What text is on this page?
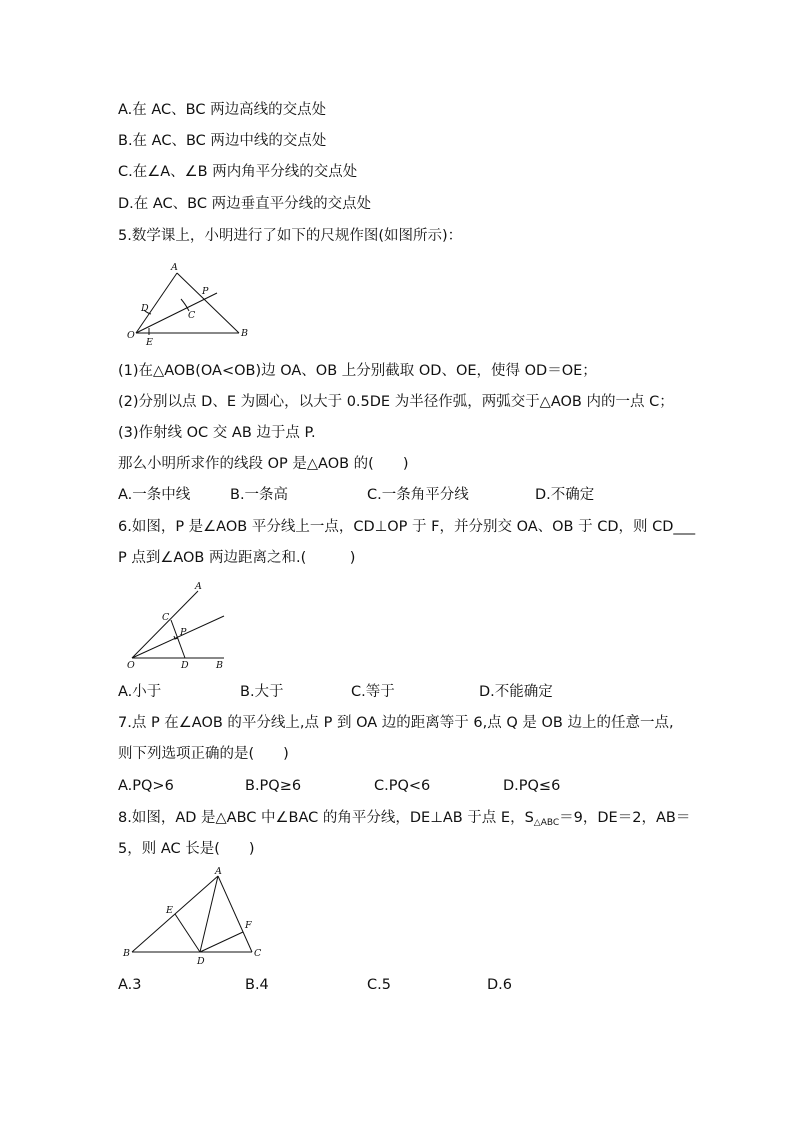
A.在 AC、BC 两边高线的交点处
B.在 AC、BC 两边中线的交点处
C.在∠A、∠B 两内角平分线的交点处
D.在 AC、BC 两边垂直平分线的交点处
5.数学课上，小明进行了如下的尺规作图(如图所示)：
A
P
D
C
O
E
B
(1)在△AOB(OA<OB)边 OA、OB 上分别截取 OD、OE，使得 OD＝OE；
(2)分别以点 D、E 为圆心，以大于 0.5DE 为半径作弧，两弧交于△AOB 内的一点 C；
(3)作射线 OC 交 AB 边于点 P.
那么小明所求作的线段 OP 是△AOB 的(　　)
A.一条中线	B.一条高	C.一条角平分线	D.不确定
6.如图，P 是∠AOB 平分线上一点，CD⊥OP 于 F，并分别交 OA、OB 于 CD，则 CD___
P 点到∠AOB 两边距离之和.(　　　)
A
C
P
O	D	B
A.小于	B.大于	C.等于	D.不能确定
7.点 P 在∠AOB 的平分线上,点 P 到 OA 边的距离等于 6,点 Q 是 OB 边上的任意一点,
则下列选项正确的是(　　)
A.PQ>6	B.PQ≥6	C.PQ<6	D.PQ≤6
8.如图，AD 是△ABC 中∠BAC 的角平分线，DE⊥AB 于点 E，$S_{\triangle ABC}=9$，DE＝2，AB＝
5，则 AC 长是(　　)
A
E
F
B
D
C
A.3	B.4	C.5	D.6
